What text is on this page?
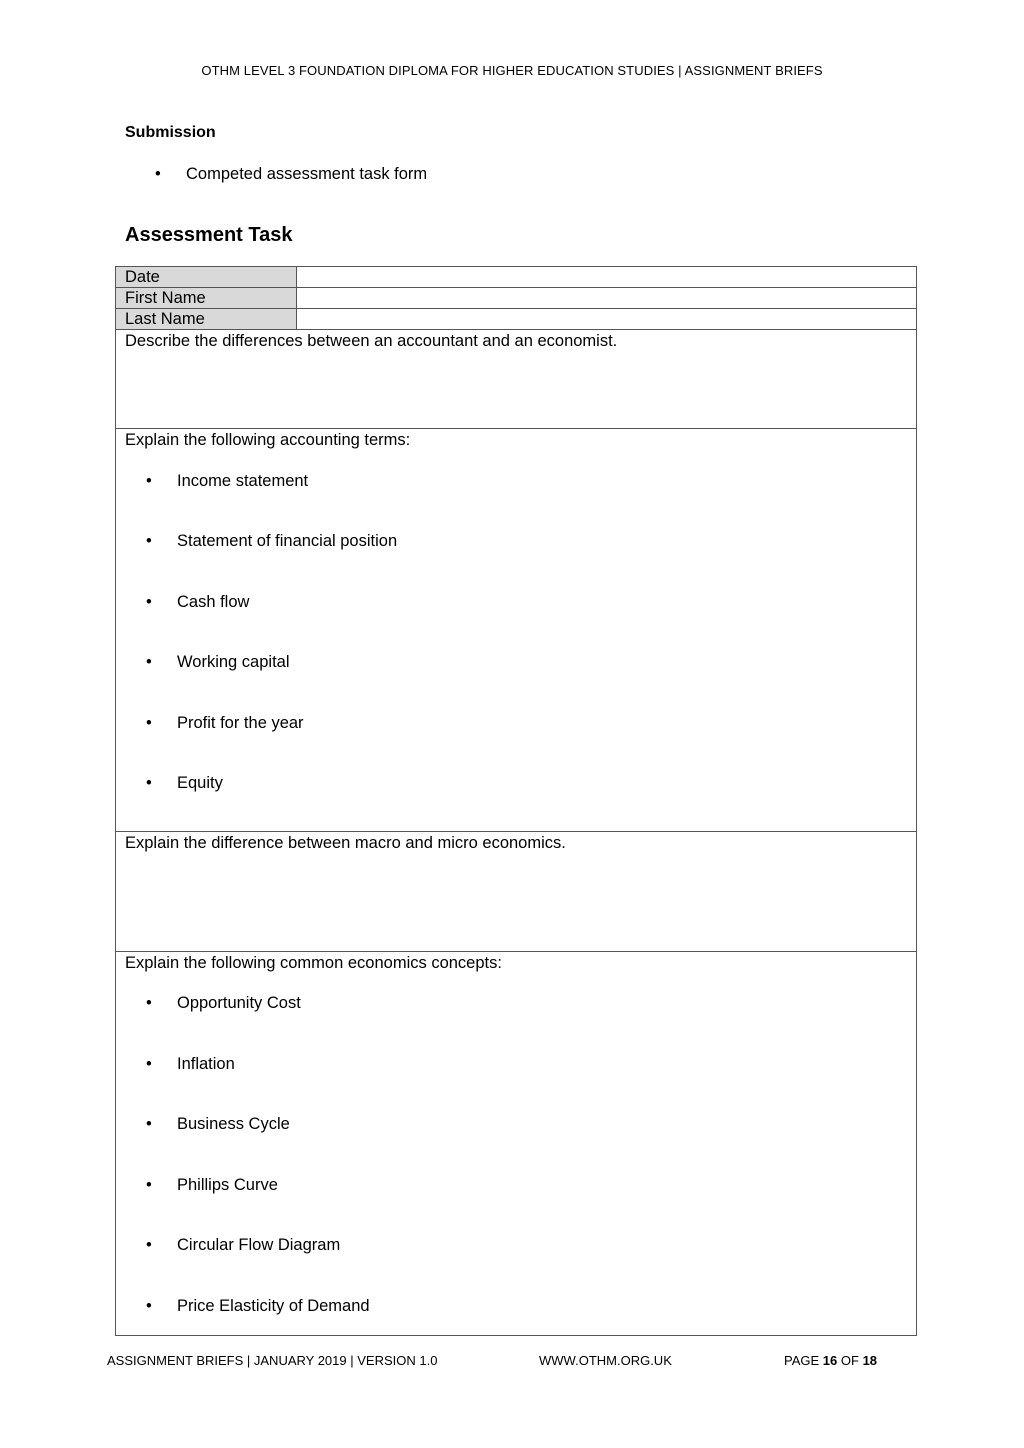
OTHM LEVEL 3 FOUNDATION DIPLOMA FOR HIGHER EDUCATION STUDIES | ASSIGNMENT BRIEFS
Submission
• Competed assessment task form
Assessment Task
Date
First Name
Last Name
Describe the differences between an accountant and an economist.
Explain the following accounting terms:
• Income statement
• Statement of financial position
• Cash flow
• Working capital
• Profit for the year
• Equity
Explain the difference between macro and micro economics.
Explain the following common economics concepts:
• Opportunity Cost
• Inflation
• Business Cycle
• Phillips Curve
• Circular Flow Diagram
• Price Elasticity of Demand
ASSIGNMENT BRIEFS | JANUARY 2019 | VERSION 1.0	WWW.OTHM.ORG.UK	PAGE 16 OF 18
